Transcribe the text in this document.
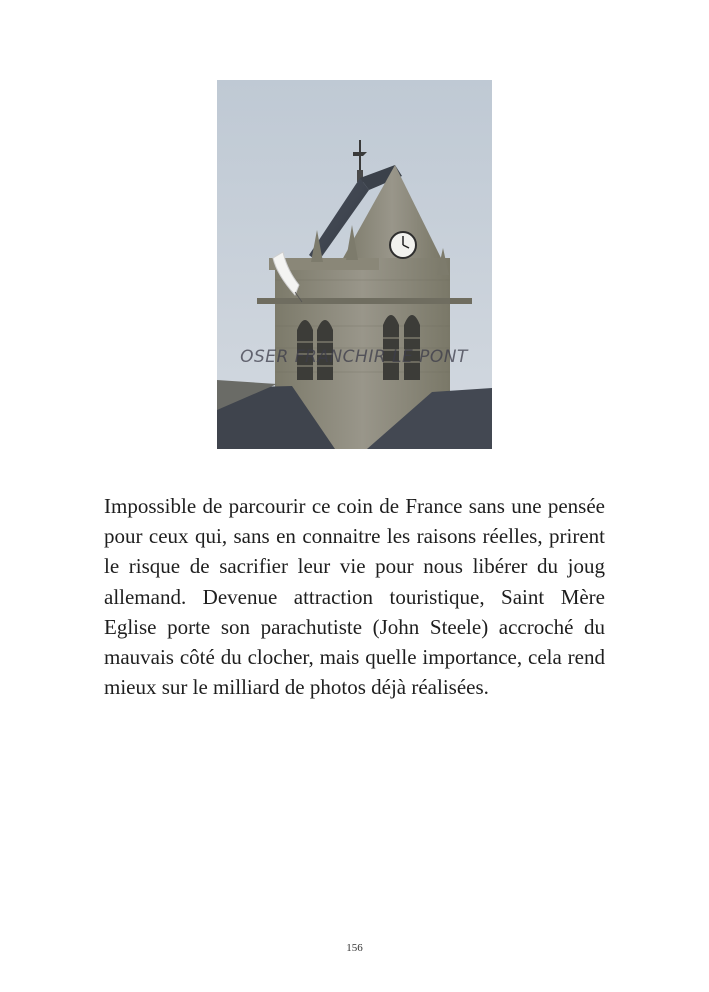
OSER FRANCHIR LE PONT

Impossible de parcourir ce coin de France sans une pensée pour ceux qui, sans en connaitre les raisons réelles, prirent le risque de sacrifier leur vie pour nous libérer du joug allemand. Devenue attraction touristique, Saint Mère Eglise porte son parachutiste (John Steele) accroché du mauvais côté du clocher, mais quelle importance, cela rend mieux sur le milliard de photos déjà réalisées.

156
